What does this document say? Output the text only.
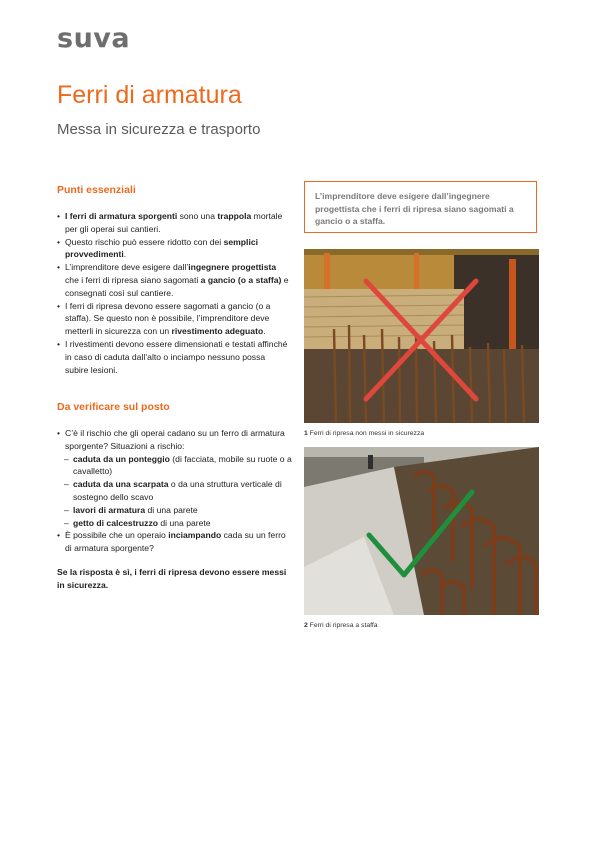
suva
Ferri di armatura
Messa in sicurezza e trasporto
Punti essenziali
• I ferri di armatura sporgenti sono una trappola mortale per gli operai sui cantieri.
• Questo rischio può essere ridotto con dei semplici provvedimenti.
• L’imprenditore deve esigere dall’ingegnere progettista che i ferri di ripresa siano sagomati a gancio (o a staffa) e consegnati così sul cantiere.
• I ferri di ripresa devono essere sagomati a gancio (o a staffa). Se questo non è possibile, l’imprenditore deve metterli in sicurezza con un rivestimento adeguato.
• I rivestimenti devono essere dimensionati e testati affinché in caso di caduta dall’alto o inciampo nessuno possa subire lesioni.
Da verificare sul posto
• C’è il rischio che gli operai cadano su un ferro di armatura sporgente? Situazioni a rischio:
– caduta da un ponteggio (di facciata, mobile su ruote o a cavalletto)
– caduta da una scarpata o da una struttura verticale di sostegno dello scavo
– lavori di armatura di una parete
– getto di calcestruzzo di una parete
• È possibile che un operaio inciampando cada su un ferro di armatura sporgente?
Se la risposta è sì, i ferri di ripresa devono essere messi in sicurezza.
L’imprenditore deve esigere dall’ingegnere progettista che i ferri di ripresa siano sagomati a gancio o a staffa.
1 Ferri di ripresa non messi in sicurezza
2 Ferri di ripresa a staffa
